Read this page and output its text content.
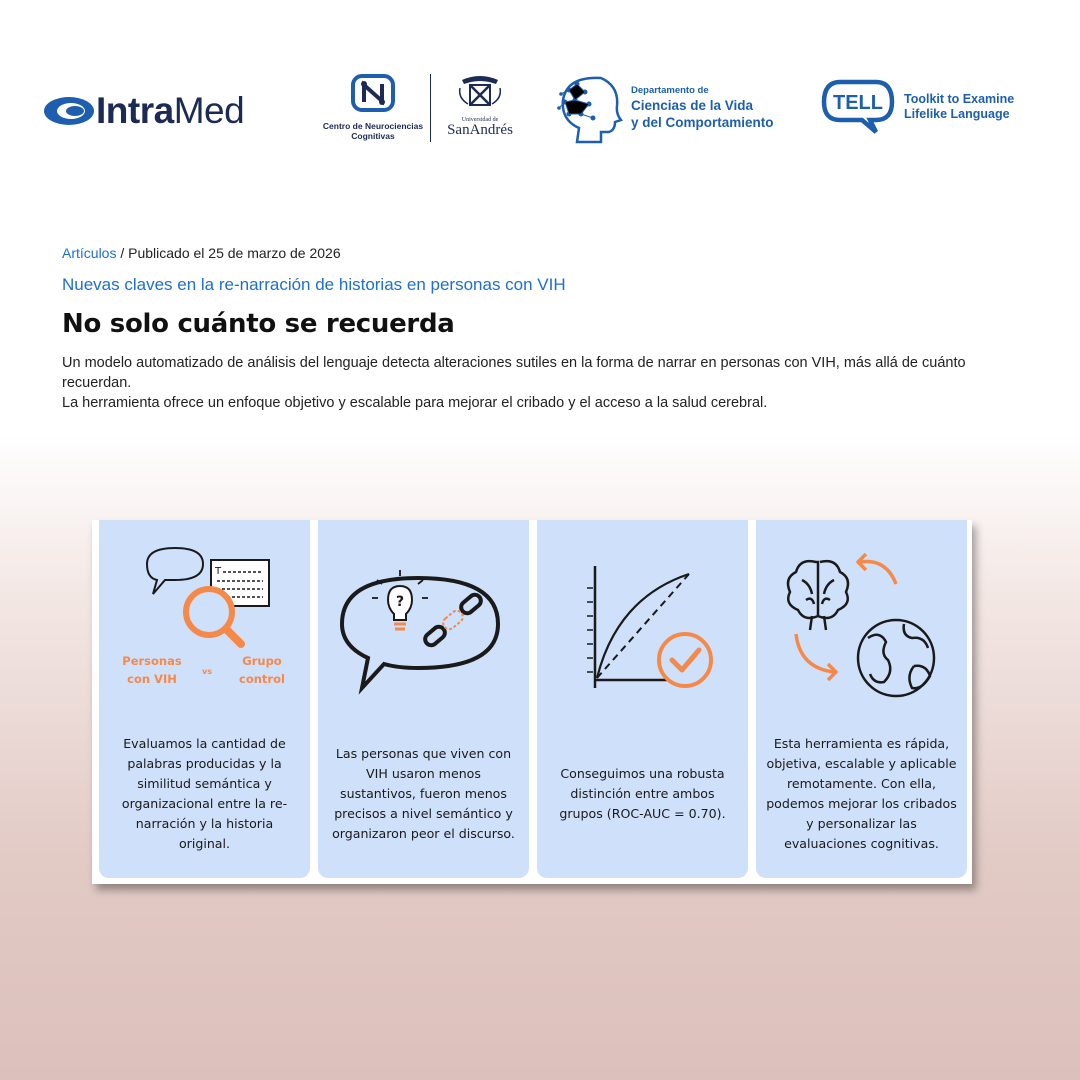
IntraMed	Centro de Neurociencias
Cognitivas
Universidad de
SanAndrés
Departamento de
Ciencias de la Vida
y del Comportamiento
TELL Toolkit to Examine
Lifelike Language
Artículos / Publicado el 25 de marzo de 2026
Nuevas claves en la re-narración de historias en personas con VIH
No solo cuánto se recuerda
Un modelo automatizado de análisis del lenguaje detecta alteraciones sutiles en la forma de narrar en personas con VIH, más allá de cuánto recuerdan.
La herramienta ofrece un enfoque objetivo y escalable para mejorar el cribado y el acceso a la salud cerebral.
T
Personas
con VIH
vs
Grupo
control
Evaluamos la cantidad de palabras producidas y la similitud semántica y organizacional entre la re-narración y la historia original.
?
Las personas que viven con VIH usaron menos sustantivos, fueron menos precisos a nivel semántico y organizaron peor el discurso.
Conseguimos una robusta distinción entre ambos grupos (ROC-AUC = 0.70).
Esta herramienta es rápida, objetiva, escalable y aplicable remotamente. Con ella, podemos mejorar los cribados y personalizar las evaluaciones cognitivas.
